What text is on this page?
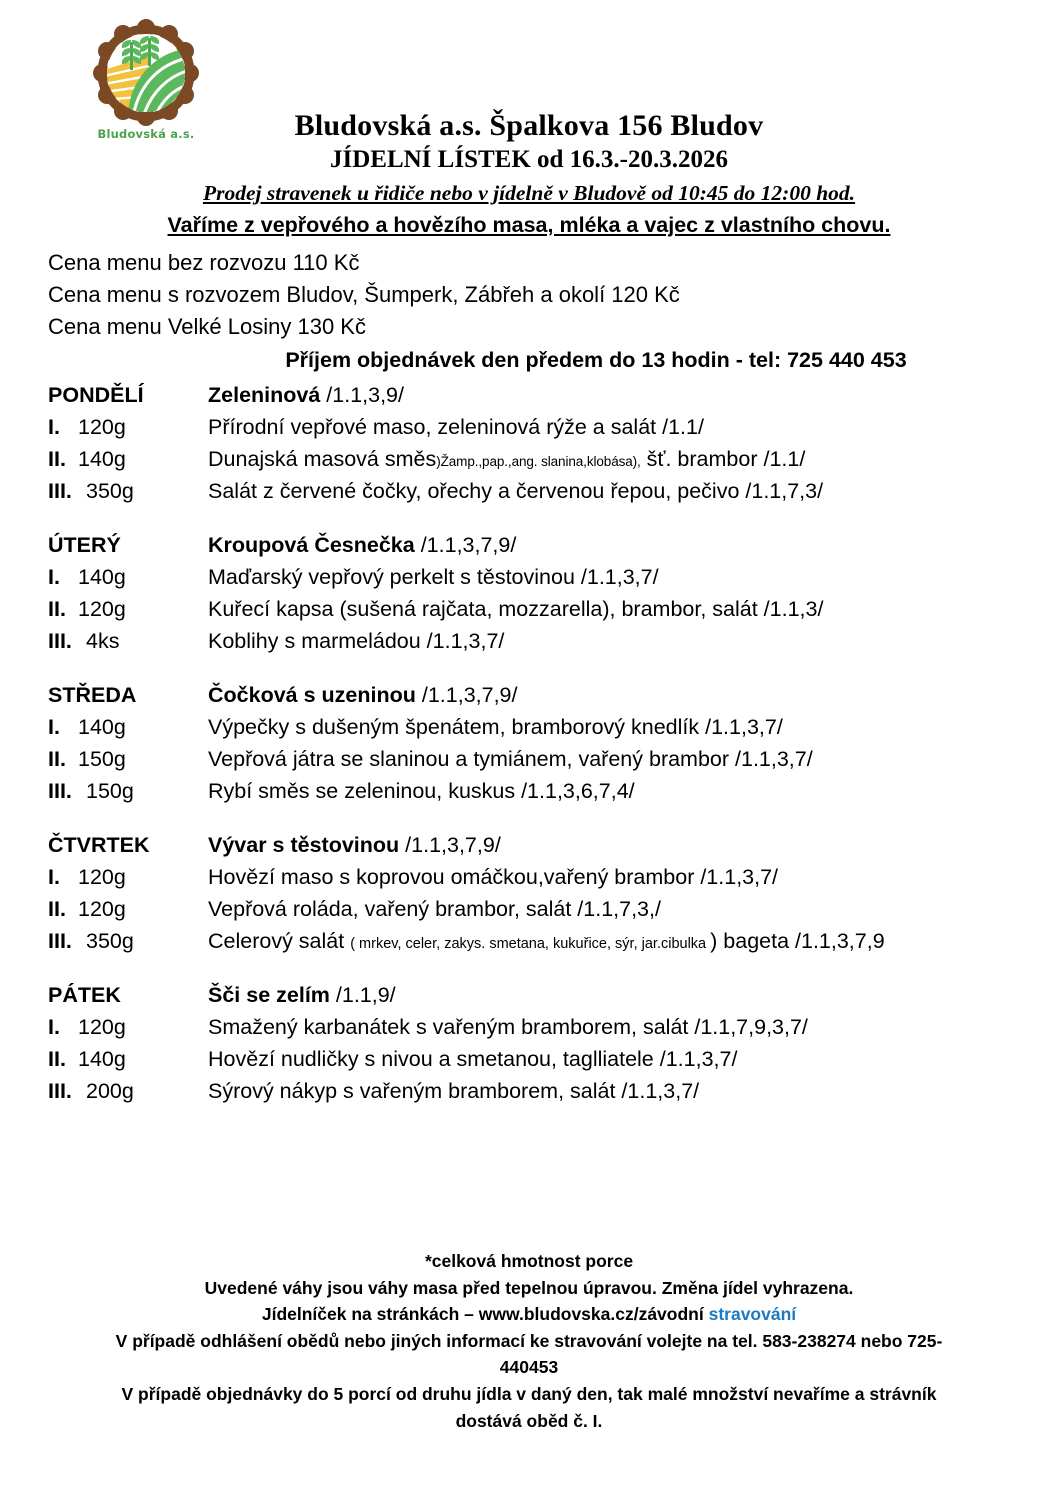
Bludovská a.s.	Bludovská a.s. Špalkova 156 Bludov
JÍDELNÍ LÍSTEK od 16.3.-20.3.2026
Prodej stravenek u řidiče nebo v jídelně v Bludově od 10:45 do 12:00 hod.
Vaříme z vepřového a hovězího masa, mléka a vajec z vlastního chovu.
Cena menu bez rozvozu 110 Kč
Cena menu s rozvozem Bludov, Šumperk, Zábřeh a okolí 120 Kč
Cena menu Velké Losiny 130 Kč
Příjem objednávek den předem do 13 hodin - tel: 725 440 453
PONDĚLÍ	Zeleninová /1.1,3,9/
I. 120g	Přírodní vepřové maso, zeleninová rýže a salát /1.1/
II. 140g	Dunajská masová směs)Žamp.,pap.,ang. slanina,klobása), šť. brambor /1.1/
III. 350g	Salát z červené čočky, ořechy a červenou řepou, pečivo /1.1,7,3/
ÚTERÝ	Kroupová Česnečka /1.1,3,7,9/
I. 140g	Maďarský vepřový perkelt s těstovinou /1.1,3,7/
II. 120g	Kuřecí kapsa (sušená rajčata, mozzarella), brambor, salát /1.1,3/
III. 4ks	Koblihy s marmeládou /1.1,3,7/
STŘEDA	Čočková s uzeninou /1.1,3,7,9/
I. 140g	Výpečky s dušeným špenátem, bramborový knedlík /1.1,3,7/
II. 150g	Vepřová játra se slaninou a tymiánem, vařený brambor /1.1,3,7/
III. 150g	Rybí směs se zeleninou, kuskus /1.1,3,6,7,4/
ČTVRTEK	Vývar s těstovinou /1.1,3,7,9/
I. 120g	Hovězí maso s koprovou omáčkou,vařený brambor /1.1,3,7/
II. 120g	Vepřová roláda, vařený brambor, salát /1.1,7,3,/
III. 350g	Celerový salát ( mrkev, celer, zakys. smetana, kukuřice, sýr, jar.cibulka ) bageta /1.1,3,7,9
PÁTEK	Šči se zelím /1.1,9/
I. 120g	Smažený karbanátek s vařeným bramborem, salát /1.1,7,9,3,7/
II. 140g	Hovězí nudličky s nivou a smetanou, taglliatele /1.1,3,7/
III. 200g	Sýrový nákyp s vařeným bramborem, salát /1.1,3,7/
*celková hmotnost porce
Uvedené váhy jsou váhy masa před tepelnou úpravou. Změna jídel vyhrazena.
Jídelníček na stránkách – www.bludovska.cz/závodní stravování
V případě odhlášení obědů nebo jiných informací ke stravování volejte na tel. 583-238274 nebo 725-
440453
V případě objednávky do 5 porcí od druhu jídla v daný den, tak malé množství nevaříme a strávník
dostává oběd č. I.
